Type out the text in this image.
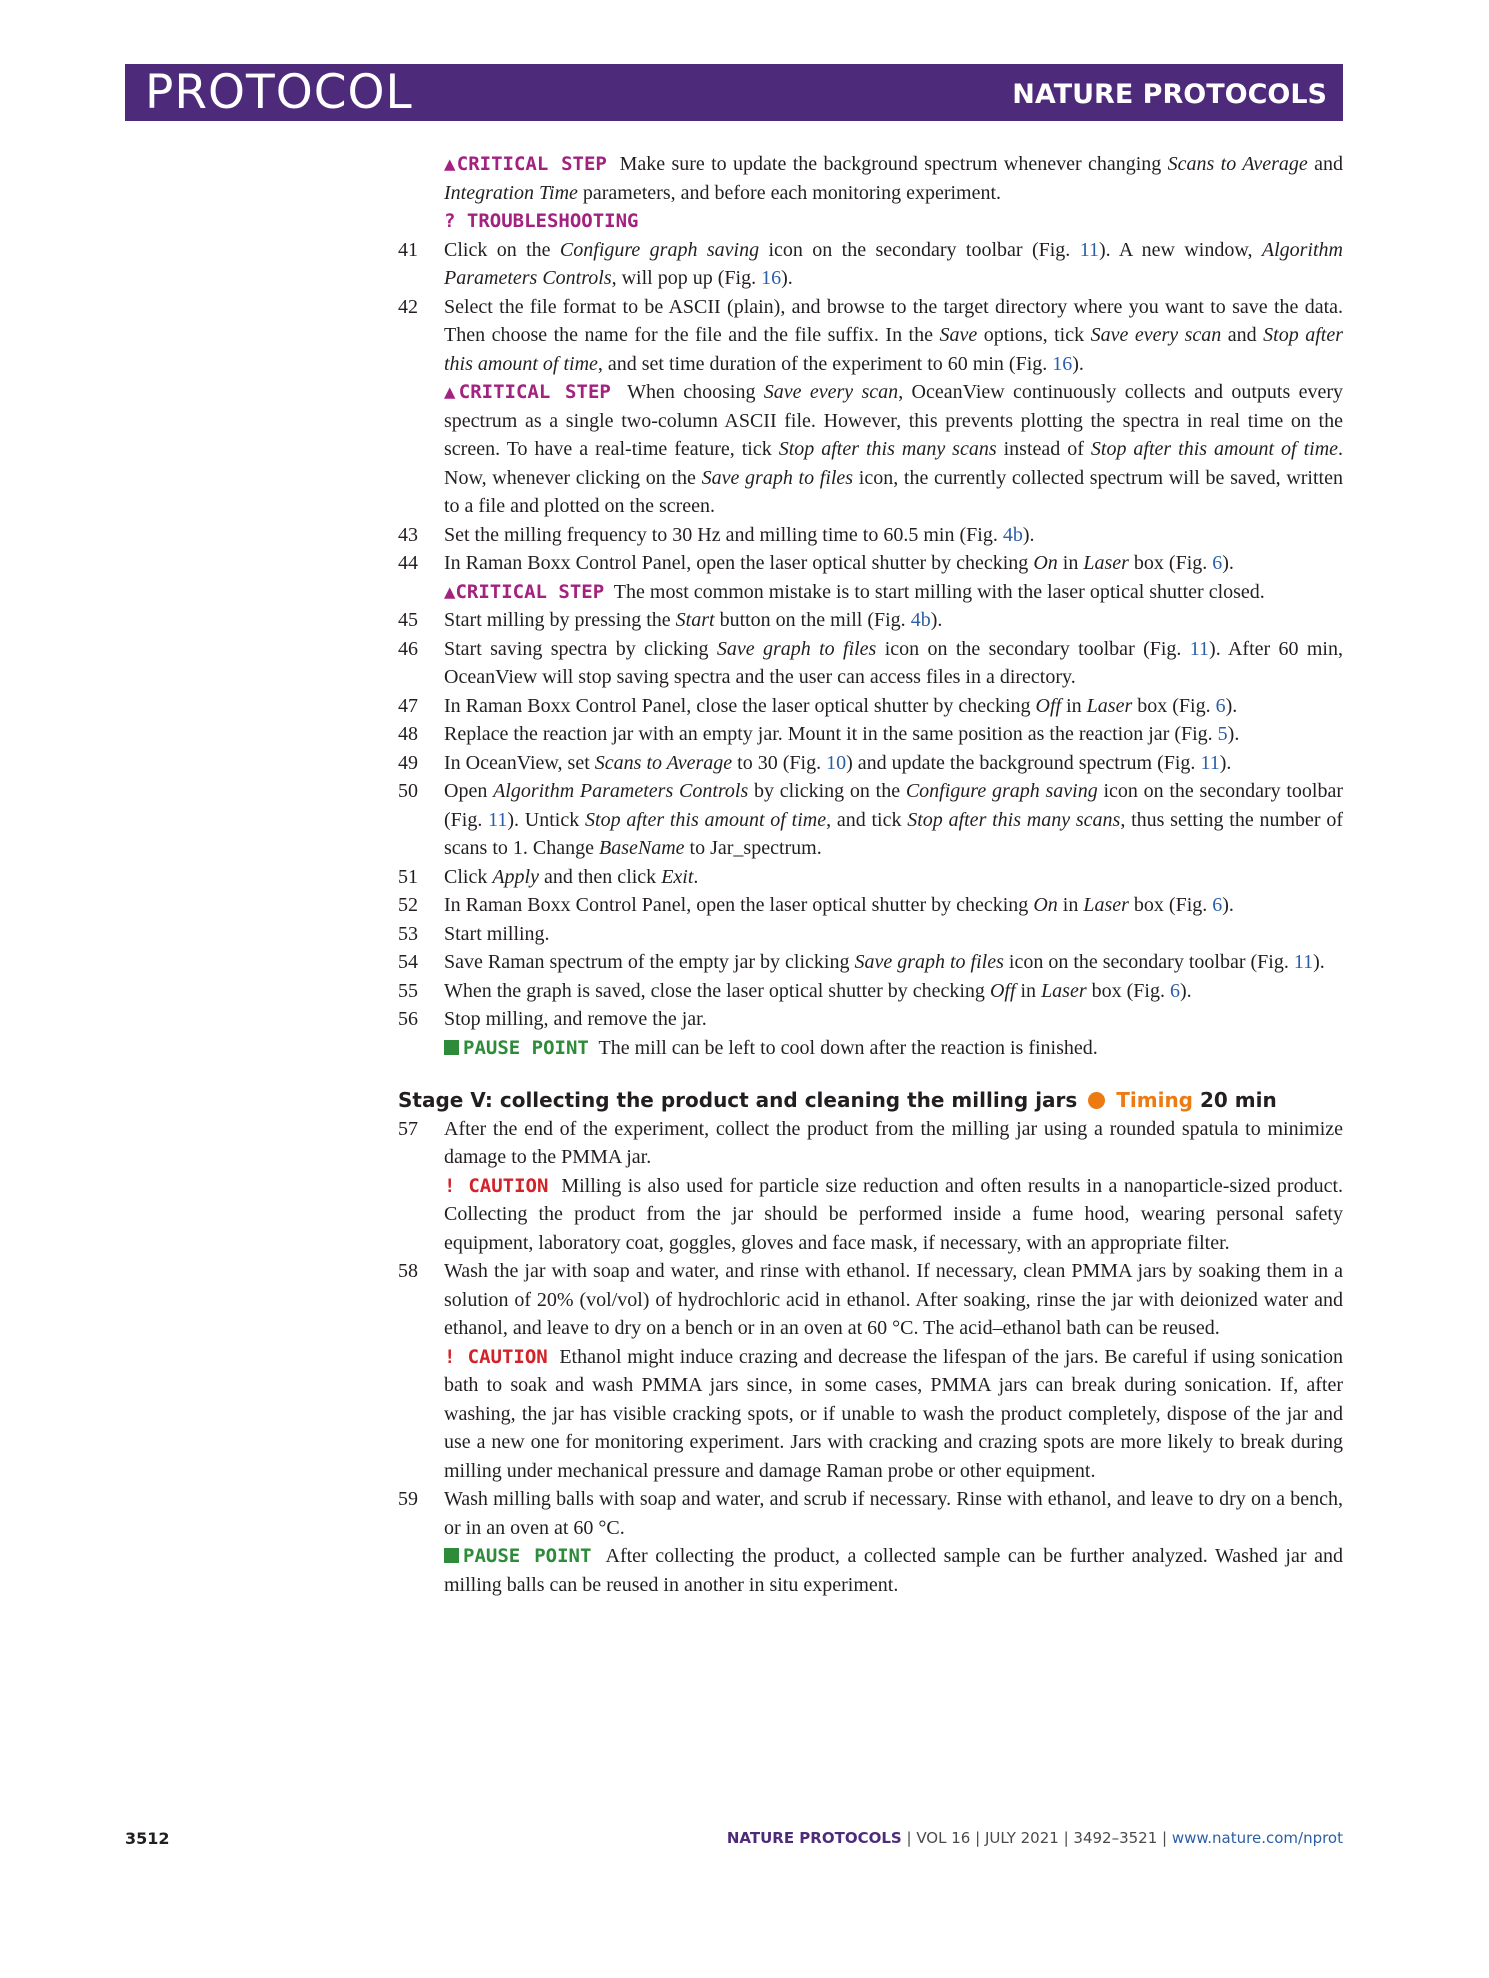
PROTOCOL	NATURE PROTOCOLS

▲CRITICAL STEP Make sure to update the background spectrum whenever changing Scans to Average and Integration Time parameters, and before each monitoring experiment.

? TROUBLESHOOTING

41 Click on the Configure graph saving icon on the secondary toolbar (Fig. 11). A new window, Algorithm Parameters Controls, will pop up (Fig. 16).

42 Select the file format to be ASCII (plain), and browse to the target directory where you want to save the data. Then choose the name for the file and the file suffix. In the Save options, tick Save every scan and Stop after this amount of time, and set time duration of the experiment to 60 min (Fig. 16).

▲CRITICAL STEP When choosing Save every scan, OceanView continuously collects and outputs every spectrum as a single two-column ASCII file. However, this prevents plotting the spectra in real time on the screen. To have a real-time feature, tick Stop after this many scans instead of Stop after this amount of time. Now, whenever clicking on the Save graph to files icon, the currently collected spectrum will be saved, written to a file and plotted on the screen.

43 Set the milling frequency to 30 Hz and milling time to 60.5 min (Fig. 4b).

44 In Raman Boxx Control Panel, open the laser optical shutter by checking On in Laser box (Fig. 6).

▲CRITICAL STEP The most common mistake is to start milling with the laser optical shutter closed.

45 Start milling by pressing the Start button on the mill (Fig. 4b).

46 Start saving spectra by clicking Save graph to files icon on the secondary toolbar (Fig. 11). After 60 min, OceanView will stop saving spectra and the user can access files in a directory.

47 In Raman Boxx Control Panel, close the laser optical shutter by checking Off in Laser box (Fig. 6).

48 Replace the reaction jar with an empty jar. Mount it in the same position as the reaction jar (Fig. 5).

49 In OceanView, set Scans to Average to 30 (Fig. 10) and update the background spectrum (Fig. 11).

50 Open Algorithm Parameters Controls by clicking on the Configure graph saving icon on the secondary toolbar (Fig. 11). Untick Stop after this amount of time, and tick Stop after this many scans, thus setting the number of scans to 1. Change BaseName to Jar_spectrum.

51 Click Apply and then click Exit.

52 In Raman Boxx Control Panel, open the laser optical shutter by checking On in Laser box (Fig. 6).

53 Start milling.

54 Save Raman spectrum of the empty jar by clicking Save graph to files icon on the secondary toolbar (Fig. 11).

55 When the graph is saved, close the laser optical shutter by checking Off in Laser box (Fig. 6).

56 Stop milling, and remove the jar.

PAUSE POINT The mill can be left to cool down after the reaction is finished.

Stage V: collecting the product and cleaning the milling jars Timing 20 min
57 After the end of the experiment, collect the product from the milling jar using a rounded spatula to minimize damage to the PMMA jar.

! CAUTION Milling is also used for particle size reduction and often results in a nanoparticle-sized product. Collecting the product from the jar should be performed inside a fume hood, wearing personal safety equipment, laboratory coat, goggles, gloves and face mask, if necessary, with an appropriate filter.

58 Wash the jar with soap and water, and rinse with ethanol. If necessary, clean PMMA jars by soaking them in a solution of 20% (vol/vol) of hydrochloric acid in ethanol. After soaking, rinse the jar with deionized water and ethanol, and leave to dry on a bench or in an oven at 60 °C. The acid–ethanol bath can be reused.

! CAUTION Ethanol might induce crazing and decrease the lifespan of the jars. Be careful if using sonication bath to soak and wash PMMA jars since, in some cases, PMMA jars can break during sonication. If, after washing, the jar has visible cracking spots, or if unable to wash the product completely, dispose of the jar and use a new one for monitoring experiment. Jars with cracking and crazing spots are more likely to break during milling under mechanical pressure and damage Raman probe or other equipment.

59 Wash milling balls with soap and water, and scrub if necessary. Rinse with ethanol, and leave to dry on a bench, or in an oven at 60 °C.

PAUSE POINT After collecting the product, a collected sample can be further analyzed. Washed jar and milling balls can be reused in another in situ experiment.

3512	NATURE PROTOCOLS | VOL 16 | JULY 2021 | 3492–3521 | www.nature.com/nprot
